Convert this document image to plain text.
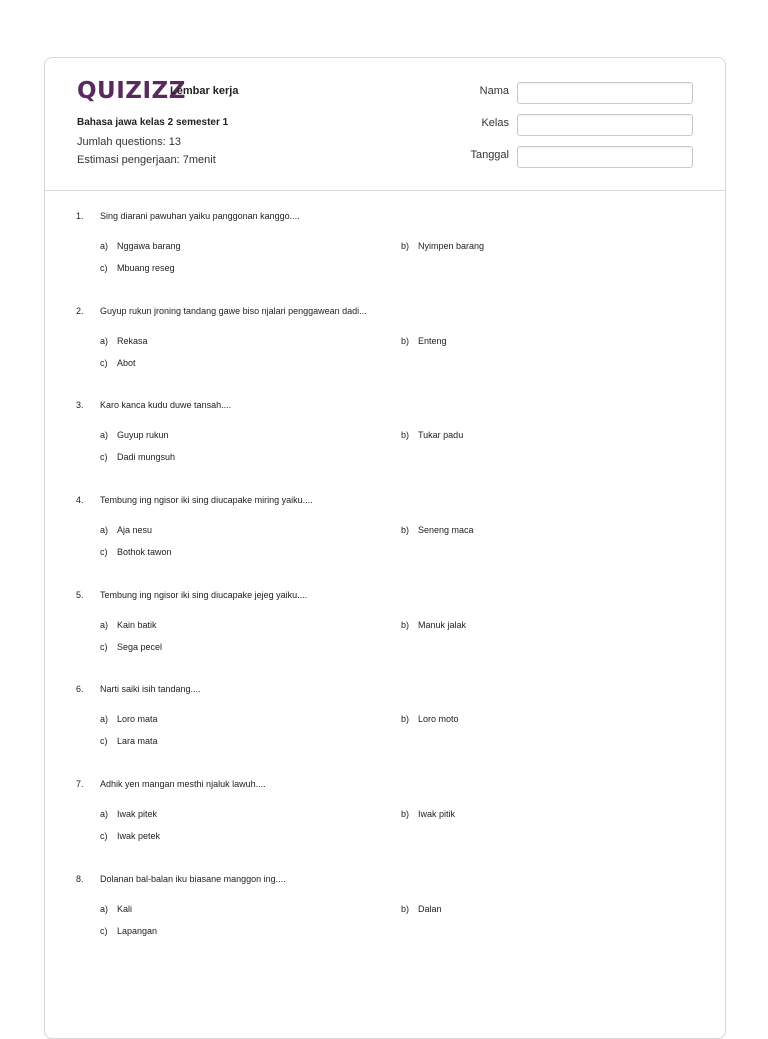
QUIZIZZ
Lembar kerja
Bahasa jawa kelas 2 semester 1
Jumlah questions: 13
Estimasi pengerjaan: 7menit
Nama
Kelas
Tanggal
1. Sing diarani pawuhan yaiku panggonan kanggo....
a) Nggawa barang	b) Nyimpen barang
c) Mbuang reseg
2. Guyup rukun jroning tandang gawe biso njalari penggawean dadi...
a) Rekasa	b) Enteng
c) Abot
3. Karo kanca kudu duwe tansah....
a) Guyup rukun	b) Tukar padu
c) Dadi mungsuh
4. Tembung ing ngisor iki sing diucapake miring yaiku....
a) Aja nesu	b) Seneng maca
c) Bothok tawon
5. Tembung ing ngisor iki sing diucapake jejeg yaiku....
a) Kain batik	b) Manuk jalak
c) Sega pecel
6. Narti saiki isih tandang....
a) Loro mata	b) Loro moto
c) Lara mata
7. Adhik yen mangan mesthi njaluk lawuh....
a) Iwak pitek	b) Iwak pitik
c) Iwak petek
8. Dolanan bal-balan iku biasane manggon ing....
a) Kali	b) Dalan
c) Lapangan
